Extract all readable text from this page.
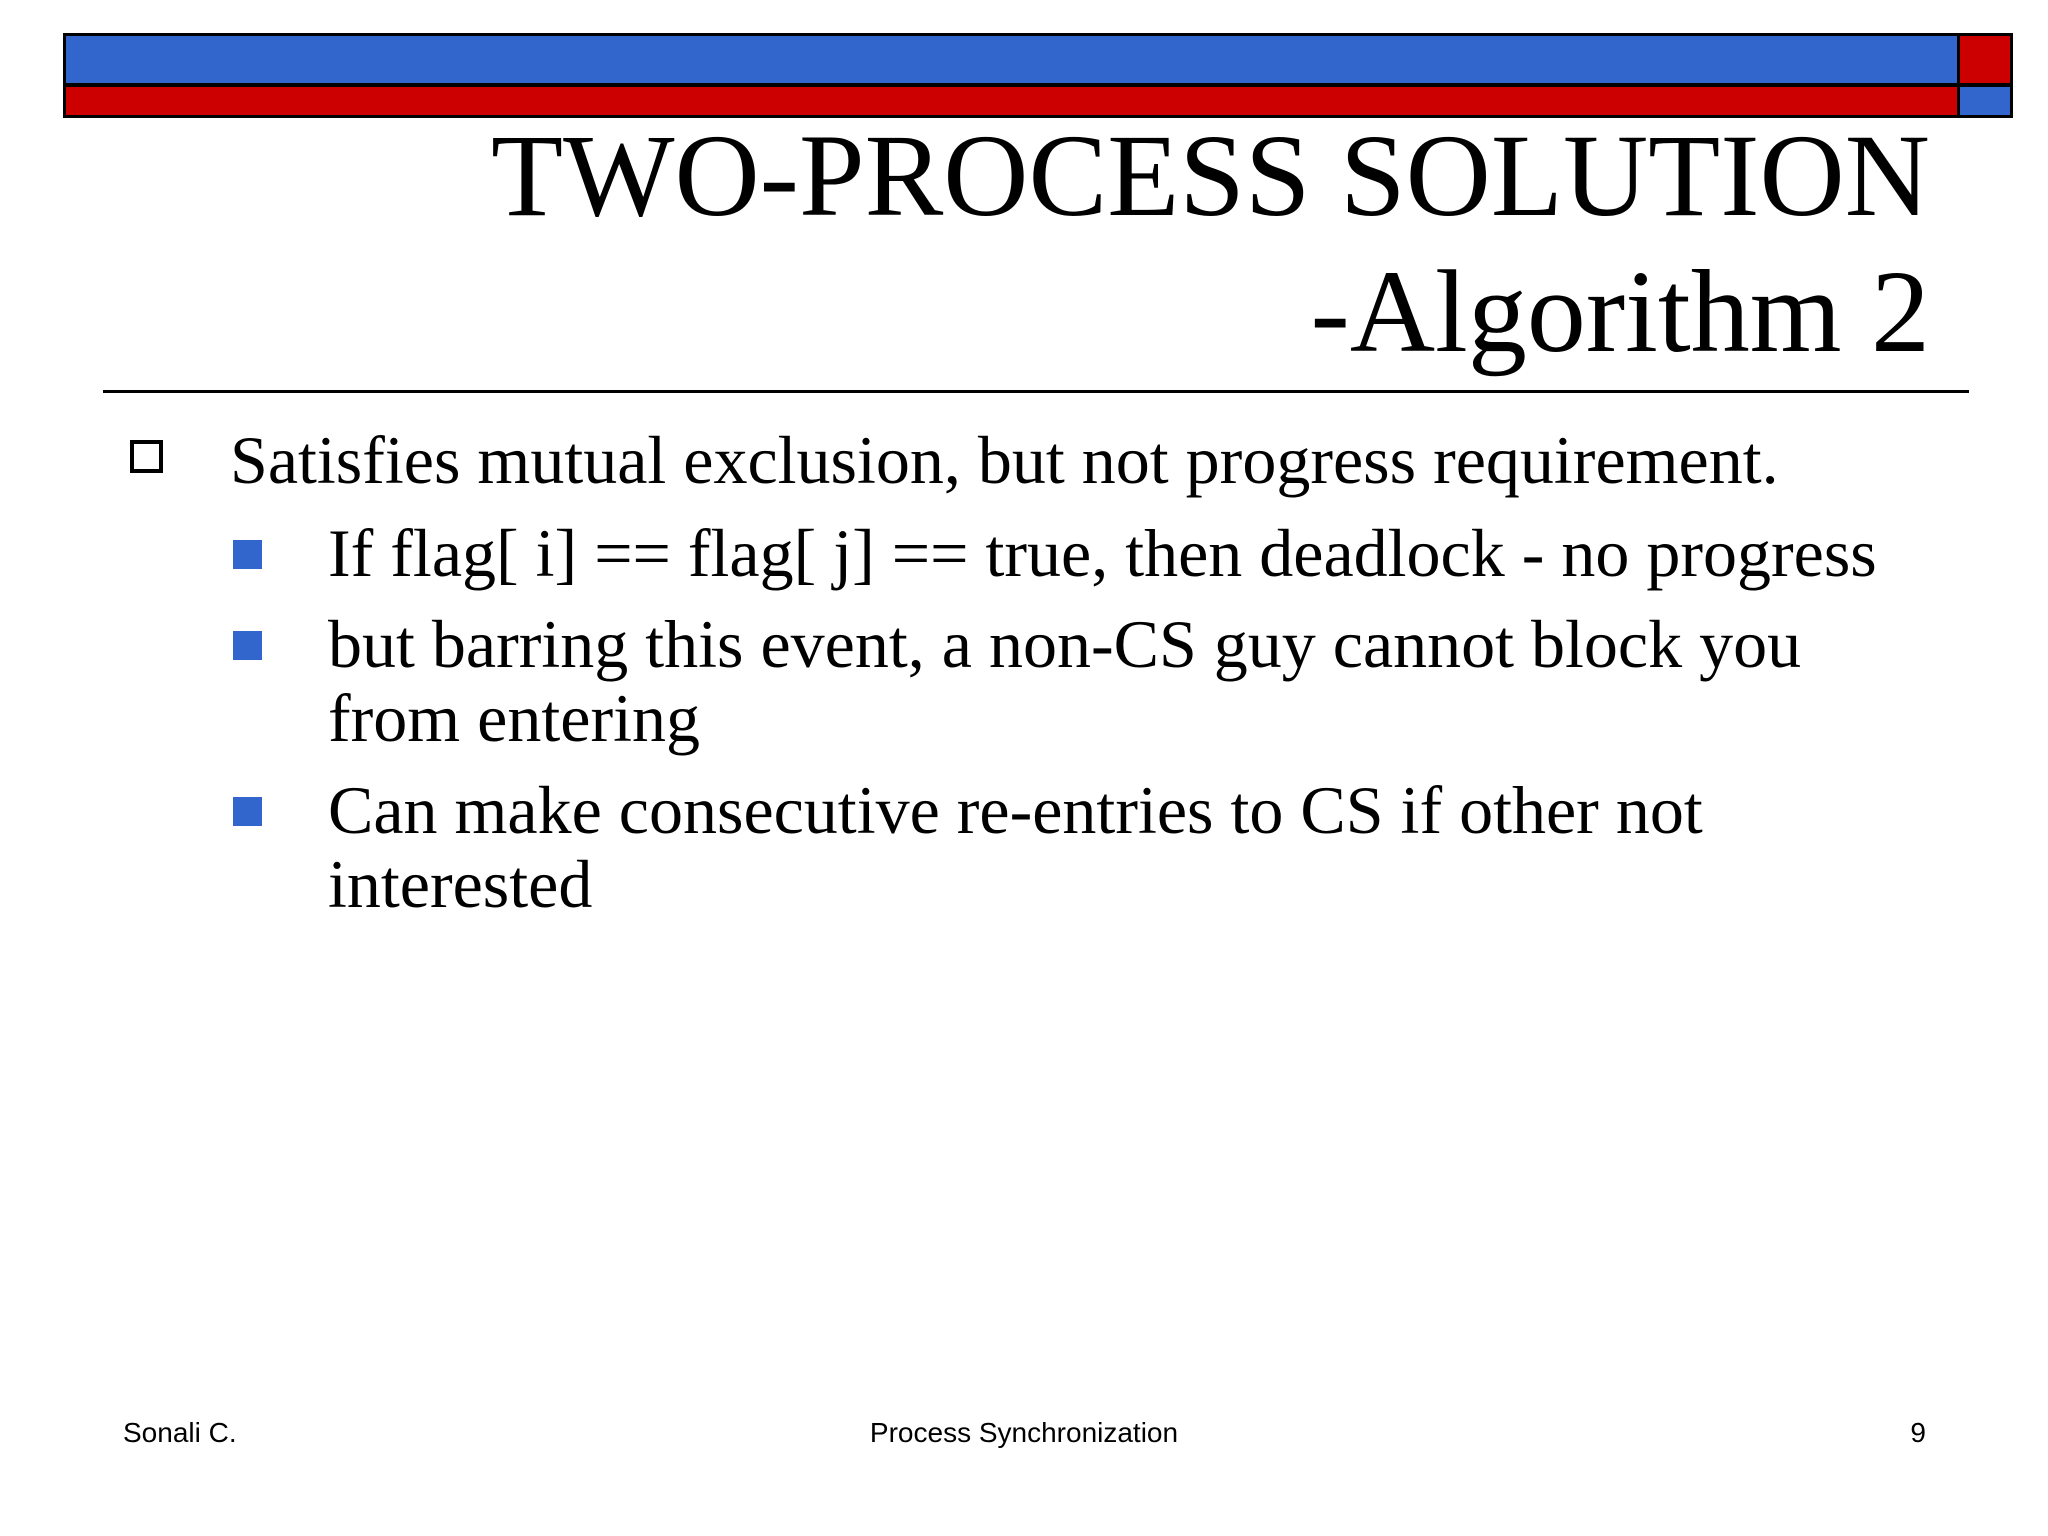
TWO-PROCESS SOLUTION
-Algorithm 2
Satisfies mutual exclusion, but not progress requirement.
If flag[ i] == flag[ j] == true, then deadlock - no progress
but barring this event, a non-CS guy cannot block you from entering
Can make consecutive re-entries to CS if other not interested
Sonali C.	Process Synchronization	9
